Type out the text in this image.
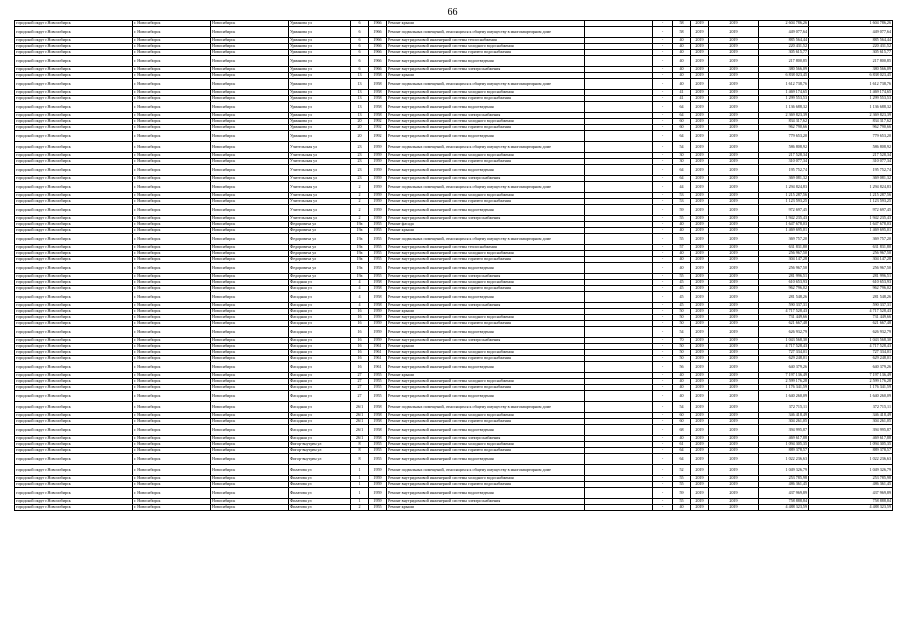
66
городской округ г.Новосибирск	г. Новосибирск	Новосибирск	Урманова ул	6	1966	Ремонт крыши		-	58	2019	2019	2 604 786,26	1 604 786,26
городской округ г.Новосибирск	г. Новосибирск	Новосибирск	Урманова ул	6	1966	Ремонт подвальных помещений, относящихся к общему имуществу в многоквартирном доме		-	58	2019	2019	449 077,64	449 077,64
городской округ г.Новосибирск	г. Новосибирск	Новосибирск	Урманова ул	6	1966	Ремонт внутридомовой инженерной системы теплоснабжения		-	40	2019	2019	885 564,44	885 564,44
городской округ г.Новосибирск	г. Новосибирск	Новосибирск	Урманова ул	6	1966	Ремонт внутридомовой инженерной системы холодного водоснабжения		-	40	2019	2019	220 431,52	220 431,52
городской округ г.Новосибирск	г. Новосибирск	Новосибирск	Урманова ул	6	1966	Ремонт внутридомовой инженерной системы горячего водоснабжения		-	40	2019	2019	305 615,77	305 615,77
городской округ г.Новосибирск	г. Новосибирск	Новосибирск	Урманова ул	6	1966	Ремонт внутридомовой инженерной системы водоотведения		-	40	2019	2019	217 800,85	217 800,85
городской округ г.Новосибирск	г. Новосибирск	Новосибирск	Урманова ул	6	1966	Ремонт внутридомовой инженерной системы электроснабжения		-	40	2019	2019	380 566,09	380 566,09
городской округ г.Новосибирск	г. Новосибирск	Новосибирск	Урманова ул	13	1958	Ремонт крыши		-	40	2019	2019	6 838 023,45	6 838 023,45
городской округ г.Новосибирск	г. Новосибирск	Новосибирск	Урманова ул	13	1958	Ремонт подвальных помещений, относящихся к общему имуществу в многоквартирном доме		-	40	2019	2019	1 612 738,76	1 612 738,76
городской округ г.Новосибирск	г. Новосибирск	Новосибирск	Урманова ул	13	1958	Ремонт внутридомовой инженерной системы холодного водоснабжения		-	41	2019	2019	1 469 174,65	1 469 174,65
городской округ г.Новосибирск	г. Новосибирск	Новосибирск	Урманова ул	13	1958	Ремонт внутридомовой инженерной системы горячего водоснабжения		-	41	2019	2019	1 299 553,53	1 299 553,53
городской округ г.Новосибирск	г. Новосибирск	Новосибирск	Урманова ул	13	1958	Ремонт внутридомовой инженерной системы водоотведения		-	64	2019	2019	1 136 688,32	1 136 688,32
городской округ г.Новосибирск	г. Новосибирск	Новосибирск	Урманова ул	13	1958	Ремонт внутридомовой инженерной системы электроснабжения		-	64	2019	2019	2 369 823,39	2 369 823,39
городской округ г.Новосибирск	г. Новосибирск	Новосибирск	Урманова ул	20	1992	Ремонт внутридомовой инженерной системы холодного водоснабжения		-	60	2019	2019	834 317,62	834 317,62
городской округ г.Новосибирск	г. Новосибирск	Новосибирск	Урманова ул	20	1992	Ремонт внутридомовой инженерной системы горячего водоснабжения		-	60	2019	2019	962 790,66	962 790,66
городской округ г.Новосибирск	г. Новосибирск	Новосибирск	Урманова ул	20	1992	Ремонт внутридомовой инженерной системы водоотведения		-	64	2019	2019	779 653,20	779 653,20
городской округ г.Новосибирск	г. Новосибирск	Новосибирск	Учительская ул	23	1959	Ремонт подвальных помещений, относящихся к общему имуществу в многоквартирном доме		-	54	2019	2019	586 808,92	586 808,92
городской округ г.Новосибирск	г. Новосибирск	Новосибирск	Учительская ул	23	1959	Ремонт внутридомовой инженерной системы холодного водоснабжения		-	30	2019	2019	217 528,34	217 528,34
городской округ г.Новосибирск	г. Новосибирск	Новосибирск	Учительская ул	23	1959	Ремонт внутридомовой инженерной системы горячего водоснабжения		-	30	2019	2019	310 077,34	310 077,34
городской округ г.Новосибирск	г. Новосибирск	Новосибирск	Учительская ул	23	1959	Ремонт внутридомовой инженерной системы водоотведения		-	64	2019	2019	195 752,74	195 752,74
городской округ г.Новосибирск	г. Новосибирск	Новосибирск	Учительская ул	23	1959	Ремонт внутридомовой инженерной системы электроснабжения		-	64	2019	2019	369 081,32	369 081,32
городской округ г.Новосибирск	г. Новосибирск	Новосибирск	Учительская ул	2	1959	Ремонт подвальных помещений, относящихся к общему имуществу в многоквартирном доме		-	44	2019	2019	1 294 824,83	1 294 824,83
городской округ г.Новосибирск	г. Новосибирск	Новосибирск	Учительская ул	2	1959	Ремонт внутридомовой инженерной системы холодного водоснабжения		-	53	2019	2019	1 215 287,56	1 215 287,56
городской округ г.Новосибирск	г. Новосибирск	Новосибирск	Учительская ул	2	1959	Ремонт внутридомовой инженерной системы горячего водоснабжения		-	53	2019	2019	1 123 593,25	1 123 593,25
городской округ г.Новосибирск	г. Новосибирск	Новосибирск	Учительская ул	2	1959	Ремонт внутридомовой инженерной системы водоотведения		-	59	2019	2019	972 697,45	972 697,45
городской округ г.Новосибирск	г. Новосибирск	Новосибирск	Учительская ул	2	1959	Ремонт внутридомовой инженерной системы электроснабжения		-	55	2019	2019	1 942 235,43	1 942 235,43
городской округ г.Новосибирск	г. Новосибирск	Новосибирск	Федоровича ул	19а	1955	Ремонт фасада		-	40	2019	2019	1 647 678,03	1 647 678,03
городской округ г.Новосибирск	г. Новосибирск	Новосибирск	Федоровича ул	19а	1955	Ремонт крыши		-	40	2019	2019	1 469 695,01	1 469 695,01
городской округ г.Новосибирск	г. Новосибирск	Новосибирск	Федоровича ул	19а	1955	Ремонт подвальных помещений, относящихся к общему имуществу в многоквартирном доме		-	55	2019	2019	369 757,20	369 757,20
городской округ г.Новосибирск	г. Новосибирск	Новосибирск	Федоровича ул	19а	1955	Ремонт внутридомовой инженерной системы теплоснабжения		-	57	2019	2019	631 831,80	631 831,80
городской округ г.Новосибирск	г. Новосибирск	Новосибирск	Федоровича ул	19а	1955	Ремонт внутридомовой инженерной системы холодного водоснабжения		-	40	2019	2019	256 967,50	256 967,50
городской округ г.Новосибирск	г. Новосибирск	Новосибирск	Федоровича ул	19а	1955	Ремонт внутридомовой инженерной системы горячего водоснабжения		-	40	2019	2019	304 147,28	304 147,28
городской округ г.Новосибирск	г. Новосибирск	Новосибирск	Федоровича ул	19а	1955	Ремонт внутридомовой инженерной системы водоотведения		-	40	2019	2019	256 967,50	256 967,50
городской округ г.Новосибирск	г. Новосибирск	Новосибирск	Федоровича ул	19а	1955	Ремонт внутридомовой инженерной системы электроснабжения		-	55	2019	2019	281 996,51	281 996,51
городской округ г.Новосибирск	г. Новосибирск	Новосибирск	Фасадная ул	4	1958	Ремонт внутридомовой инженерной системы холодного водоснабжения		-	45	2019	2019	610 653,93	610 653,93
городской округ г.Новосибирск	г. Новосибирск	Новосибирск	Фасадная ул	4	1958	Ремонт внутридомовой инженерной системы горячего водоснабжения		-	45	2019	2019	962 796,02	962 796,02
городской округ г.Новосибирск	г. Новосибирск	Новосибирск	Фасадная ул	4	1958	Ремонт внутридомовой инженерной системы водоотведения		-	45	2019	2019	281 548,26	281 548,26
городской округ г.Новосибирск	г. Новосибирск	Новосибирск	Фасадная ул	4	1958	Ремонт внутридомовой инженерной системы электроснабжения		-	45	2019	2019	590 337,31	590 337,31
городской округ г.Новосибирск	г. Новосибирск	Новосибирск	Фасадная ул	16	1959	Ремонт крыши		-	50	2019	2019	4 717 528,43	4 717 528,43
городской округ г.Новосибирск	г. Новосибирск	Новосибирск	Фасадная ул	16	1959	Ремонт внутридомовой инженерной системы холодного водоснабжения		-	50	2019	2019	731 449,66	731 449,66
городской округ г.Новосибирск	г. Новосибирск	Новосибирск	Фасадная ул	16	1959	Ремонт внутридомовой инженерной системы горячего водоснабжения		-	50	2019	2019	621 667,48	621 667,48
городской округ г.Новосибирск	г. Новосибирск	Новосибирск	Фасадная ул	16	1959	Ремонт внутридомовой инженерной системы водоотведения		-	54	2019	2019	626 932,79	626 932,79
городской округ г.Новосибирск	г. Новосибирск	Новосибирск	Фасадная ул	16	1959	Ремонт внутридомовой инженерной системы электроснабжения		-	70	2019	2019	1 043 568,30	1 043 568,30
городской округ г.Новосибирск	г. Новосибирск	Новосибирск	Фасадная ул	16	1961	Ремонт крыши		-	50	2019	2019	4 717 528,43	4 717 528,43
городской округ г.Новосибирск	г. Новосибирск	Новосибирск	Фасадная ул	16	1961	Ремонт внутридомовой инженерной системы холодного водоснабжения		-	50	2019	2019	727 334,01	727 334,01
городской округ г.Новосибирск	г. Новосибирск	Новосибирск	Фасадная ул	16	1961	Ремонт внутридомовой инженерной системы горячего водоснабжения		-	50	2019	2019	629 248,01	629 248,01
городской округ г.Новосибирск	г. Новосибирск	Новосибирск	Фасадная ул	16	1961	Ремонт внутридомовой инженерной системы водоотведения		-	56	2019	2019	640 379,26	640 379,26
городской округ г.Новосибирск	г. Новосибирск	Новосибирск	Фасадная ул	27	1955	Ремонт крыши		-	40	2019	2019	7 197 136,49	7 197 136,49
городской округ г.Новосибирск	г. Новосибирск	Новосибирск	Фасадная ул	27	1955	Ремонт внутридомовой инженерной системы холодного водоснабжения		-	40	2019	2019	2 599 176,28	2 599 176,28
городской округ г.Новосибирск	г. Новосибирск	Новосибирск	Фасадная ул	27	1955	Ремонт внутридомовой инженерной системы горячего водоснабжения		-	40	2019	2019	1 176 341,59	1 176 341,59
городской округ г.Новосибирск	г. Новосибирск	Новосибирск	Фасадная ул	27	1955	Ремонт внутридомовой инженерной системы водоотведения		-	40	2019	2019	1 640 260,09	1 640 260,09
городской округ г.Новосибирск	г. Новосибирск	Новосибирск	Фасадная ул	26/1	1958	Ремонт подвальных помещений, относящихся к общему имуществу в многоквартирном доме		-	54	2019	2019	372 715,11	372 715,11
городской округ г.Новосибирск	г. Новосибирск	Новосибирск	Фасадная ул	26/1	1958	Ремонт внутридомовой инженерной системы холодного водоснабжения		-	60	2019	2019	346 418,49	346 418,49
городской округ г.Новосибирск	г. Новосибирск	Новосибирск	Фасадная ул	26/1	1958	Ремонт внутридомовой инженерной системы горячего водоснабжения		-	60	2019	2019	304 261,05	304 261,05
городской округ г.Новосибирск	г. Новосибирск	Новосибирск	Фасадная ул	26/1	1958	Ремонт внутридомовой инженерной системы водоотведения		-	68	2019	2019	394 995,87	394 995,87
городской округ г.Новосибирск	г. Новосибирск	Новосибирск	Фасадная ул	26/1	1958	Ремонт внутридомовой инженерной системы электроснабжения		-	40	2019	2019	469 617,88	469 617,88
городской округ г.Новосибирск	г. Новосибирск	Новосибирск	Фигор-внутрен ул	8	1955	Ремонт внутридомовой инженерной системы холодного водоснабжения		-	61	2019	2019	1 094 305,35	1 094 305,35
городской округ г.Новосибирск	г. Новосибирск	Новосибирск	Фигор-внутрен ул	8	1955	Ремонт внутридомовой инженерной системы горячего водоснабжения		-	64	2019	2019	889 378,57	889 378,57
городской округ г.Новосибирск	г. Новосибирск	Новосибирск	Фигор-внутрен ул	8	1955	Ремонт внутридомовой инженерной системы водоотведения		-	64	2019	2019	1 022 236,63	1 022 236,63
городской округ г.Новосибирск	г. Новосибирск	Новосибирск	Филатова ул	1	1959	Ремонт подвальных помещений, относящихся к общему имуществу в многоквартирном доме		-	52	2019	2019	1 049 326,79	1 049 326,79
городской округ г.Новосибирск	г. Новосибирск	Новосибирск	Филатова ул	1	1959	Ремонт внутридомовой инженерной системы холодного водоснабжения		-	55	2019	2019	253 785,98	253 785,98
городской округ г.Новосибирск	г. Новосибирск	Новосибирск	Филатова ул	1	1959	Ремонт внутридомовой инженерной системы горячего водоснабжения		-	55	2019	2019	486 361,45	486 361,45
городской округ г.Новосибирск	г. Новосибирск	Новосибирск	Филатова ул	1	1959	Ремонт внутридомовой инженерной системы водоотведения		-	59	2019	2019	437 969,89	437 969,89
городской округ г.Новосибирск	г. Новосибирск	Новосибирск	Филатова ул	1	1959	Ремонт внутридомовой инженерной системы электроснабжения		-	55	2019	2019	758 888,84	758 888,84
городской округ г.Новосибирск	г. Новосибирск	Новосибирск	Филатова ул	2	1955	Ремонт крыши		-	40	2019	2019	4 488 323,59	4 488 323,59
